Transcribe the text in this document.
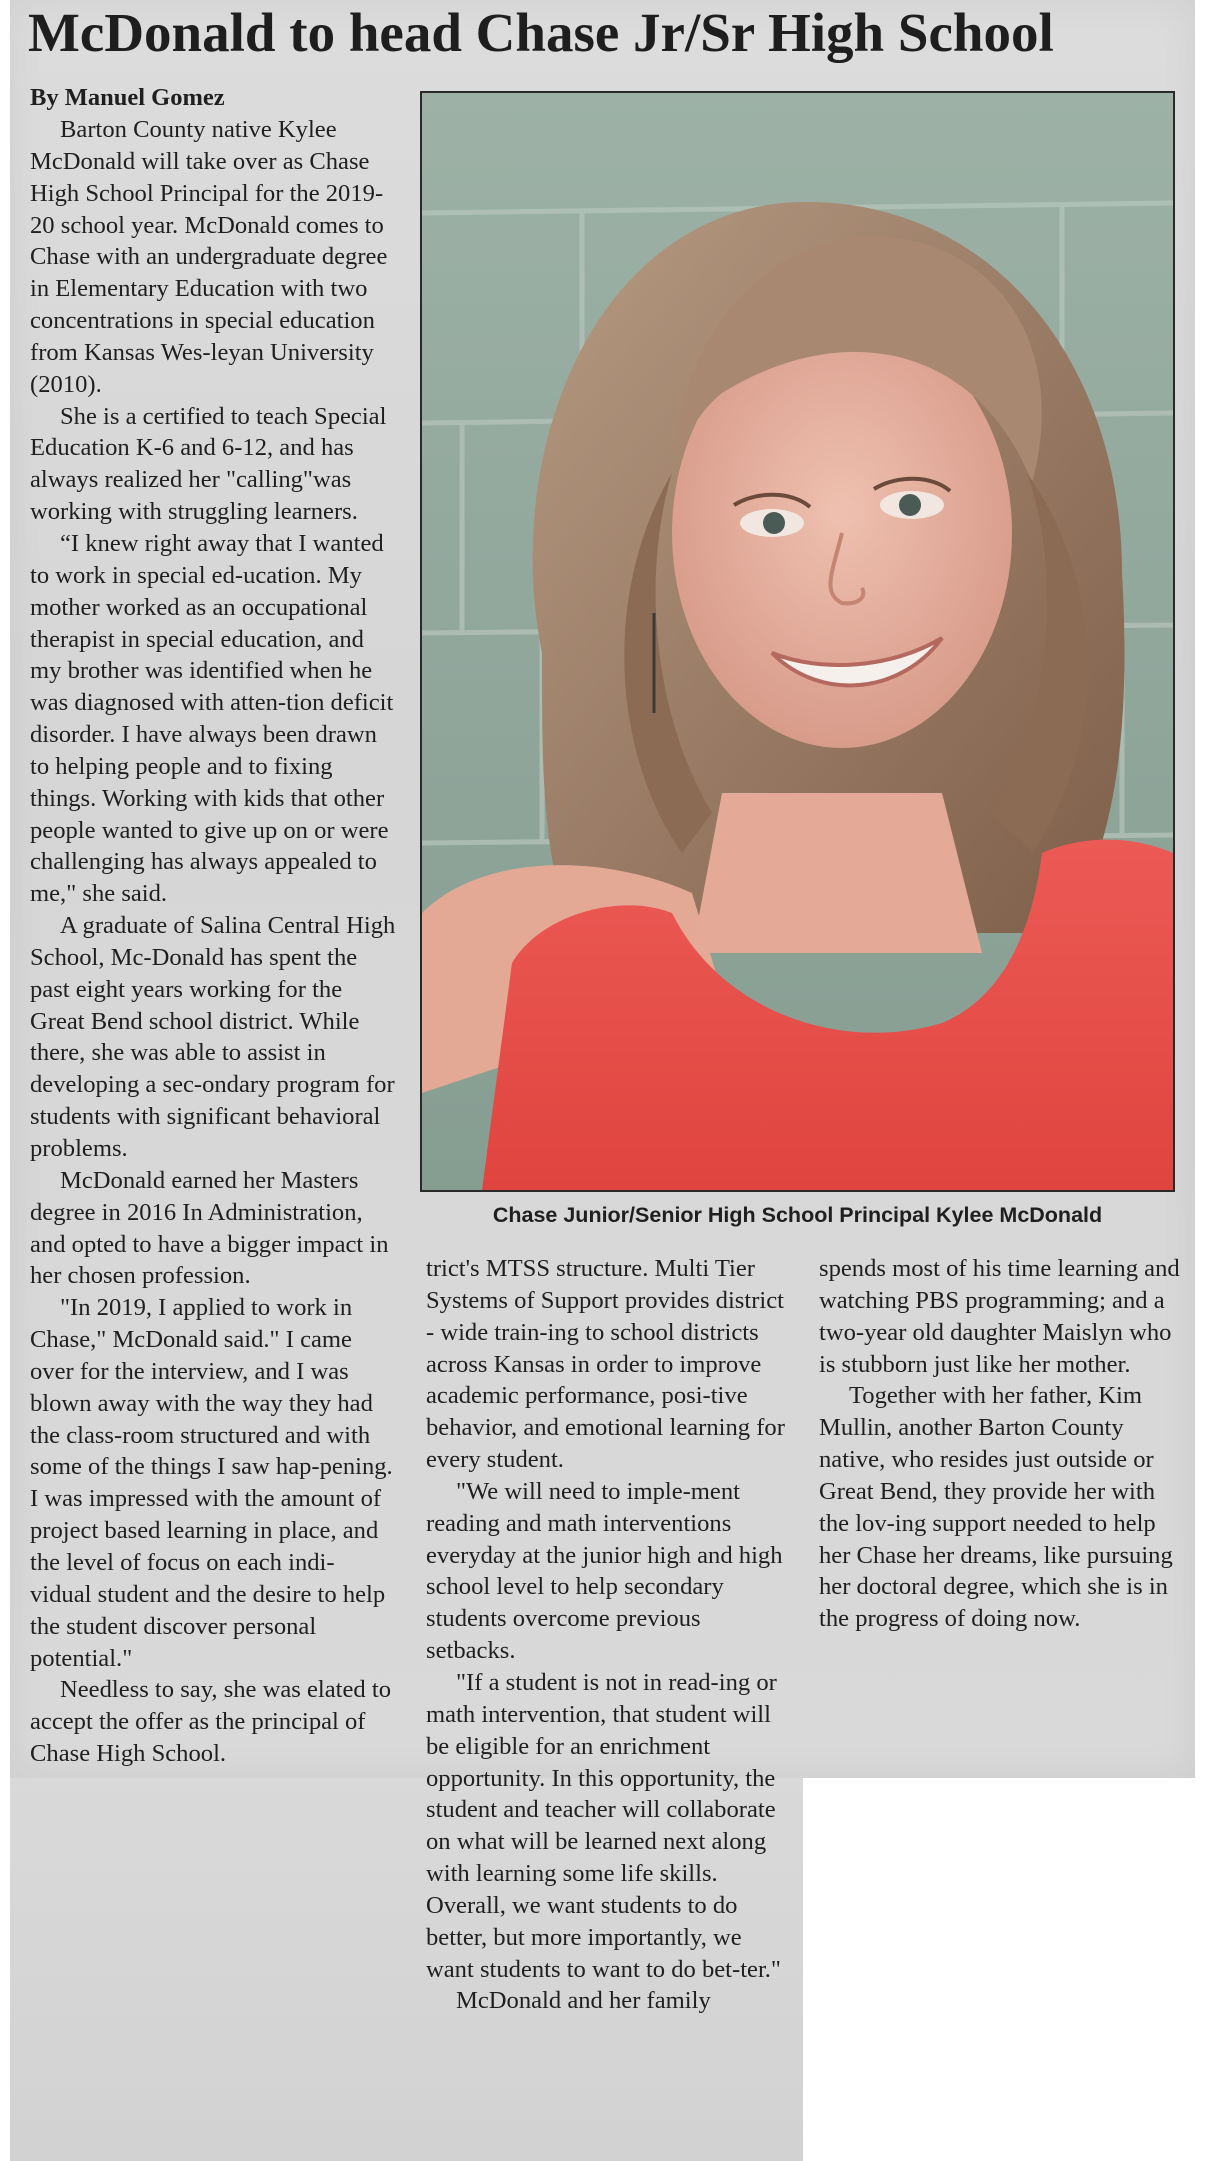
McDonald to head Chase Jr/Sr High School
By Manuel Gomez

Barton County native Kylee McDonald will take over as Chase High School Principal for the 2019-20 school year. McDonald comes to Chase with an undergraduate degree in Elementary Education with two concentrations in special education from Kansas Wes-leyan University (2010).

She is a certified to teach Special Education K-6 and 6-12, and has always realized her "calling"was working with struggling learners.

“I knew right away that I wanted to work in special ed-ucation. My mother worked as an occupational therapist in special education, and my brother was identified when he was diagnosed with atten-tion deficit disorder. I have always been drawn to helping people and to fixing things. Working with kids that other people wanted to give up on or were challenging has always appealed to me," she said.

A graduate of Salina Central High School, Mc-Donald has spent the past eight years working for the Great Bend school district. While there, she was able to assist in developing a sec-ondary program for students with significant behavioral problems.

McDonald earned her Masters degree in 2016 In Administration, and opted to have a bigger impact in her chosen profession.

"In 2019, I applied to work in Chase," McDonald said." I came over for the interview, and I was blown away with the way they had the class-room structured and with some of the things I saw hap-pening. I was impressed with the amount of project based learning in place, and the level of focus on each indi-vidual student and the desire to help the student discover personal potential."

Needless to say, she was elated to accept the offer as the principal of Chase High School.

Chase Junior/Senior High School Principal Kylee McDonald

trict's MTSS structure. Multi Tier Systems of Support provides district - wide train-ing to school districts across Kansas in order to improve academic performance, posi-tive behavior, and emotional learning for every student.

"We will need to imple-ment reading and math interventions everyday at the junior high and high school level to help secondary students overcome previous setbacks.

"If a student is not in read-ing or math intervention, that student will be eligible for an enrichment opportunity. In this opportunity, the student and teacher will collaborate on what will be learned next along with learning some life skills. Overall, we want students to do better, but more importantly, we want students to want to do bet-ter."

McDonald and her family

spends most of his time learning and watching PBS programming; and a two-year old daughter Maislyn who is stubborn just like her mother.

Together with her father, Kim Mullin, another Barton County native, who resides just outside or Great Bend, they provide her with the lov-ing support needed to help her Chase her dreams, like pursuing her doctoral degree, which she is in the progress of doing now.
